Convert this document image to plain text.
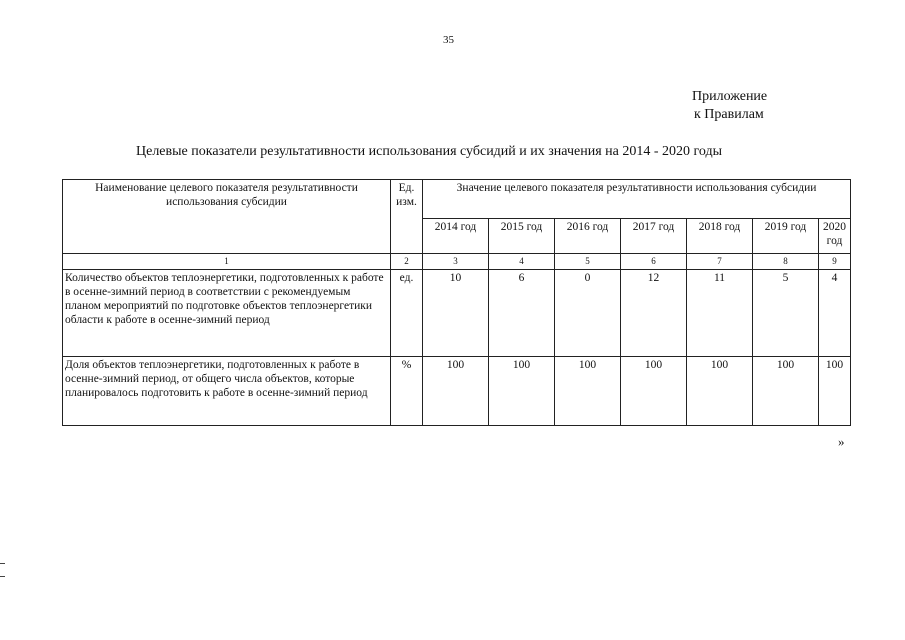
35
Приложение
к Правилам
Целевые показатели результативности использования субсидий и их значения на 2014 - 2020 годы
Наименование целевого показателя результативности использования субсидии	Ед. изм.	Значение целевого показателя результативности использования субсидии						
		2014 год	2015 год	2016 год	2017 год	2018 год	2019 год	2020 год
1	2	3	4	5	6	7	8	9
Количество объектов теплоэнергетики, подготовленных к работе в осенне-зимний период в соответствии с рекомендуемым планом мероприятий по подготовке объектов теплоэнергетики области к работе в осенне-зимний период	ед.	10	6	0	12	11	5	4
Доля объектов теплоэнергетики, подготовленных к работе в осенне-зимний период, от общего числа объектов, которые планировалось подготовить к работе в осенне-зимний период	%	100	100	100	100	100	100	100
»
